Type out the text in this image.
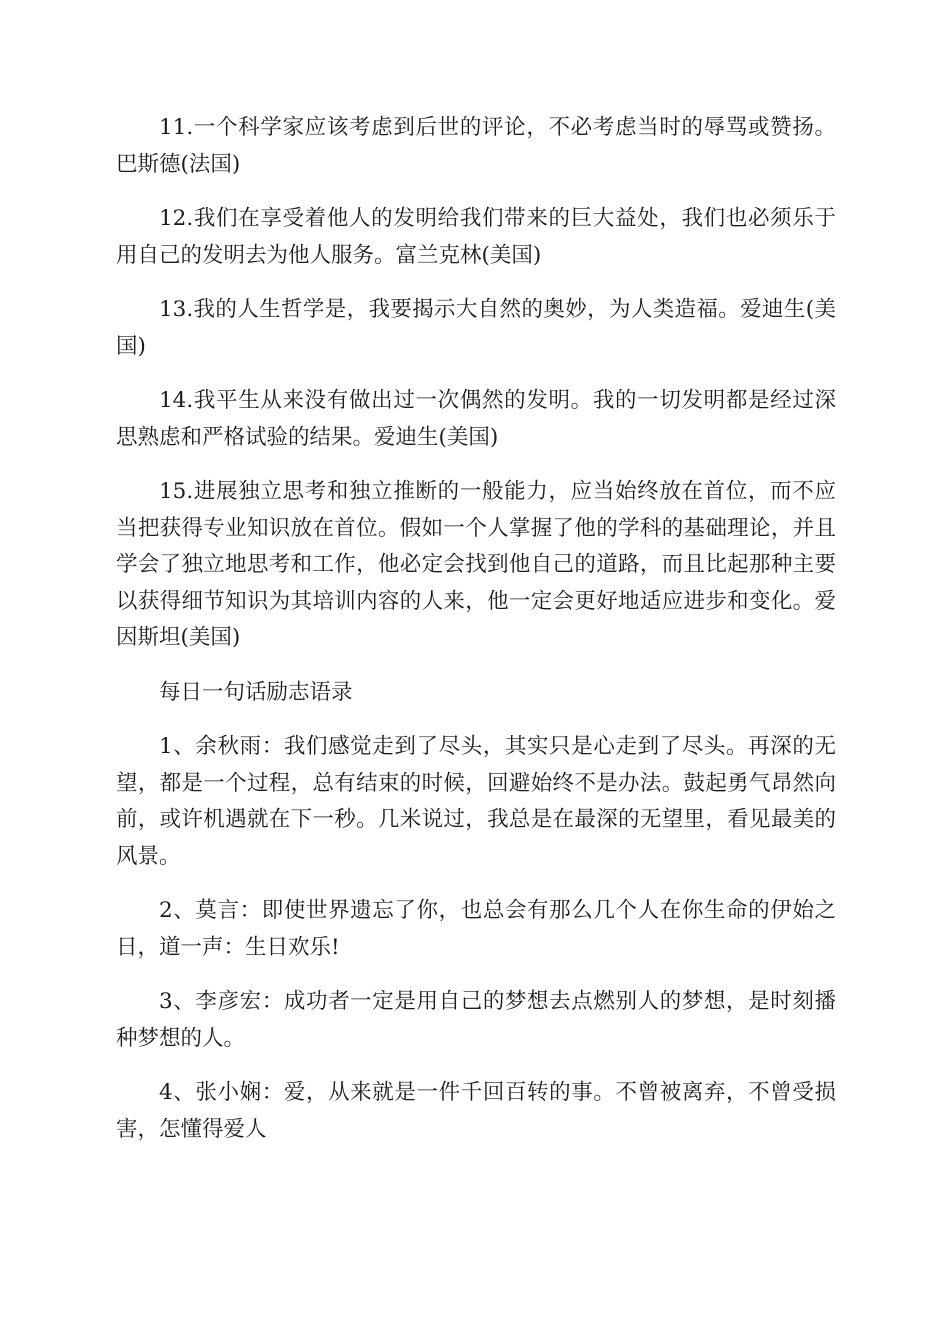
11.一个科学家应该考虑到后世的评论，不必考虑当时的辱骂或赞扬。巴斯德(法国)

12.我们在享受着他人的发明给我们带来的巨大益处，我们也必须乐于用自己的发明去为他人服务。富兰克林(美国)

13.我的人生哲学是，我要揭示大自然的奥妙，为人类造福。爱迪生(美国)

14.我平生从来没有做出过一次偶然的发明。我的一切发明都是经过深思熟虑和严格试验的结果。爱迪生(美国)

15.进展独立思考和独立推断的一般能力，应当始终放在首位，而不应当把获得专业知识放在首位。假如一个人掌握了他的学科的基础理论，并且学会了独立地思考和工作，他必定会找到他自己的道路，而且比起那种主要以获得细节知识为其培训内容的人来，他一定会更好地适应进步和变化。爱因斯坦(美国)

每日一句话励志语录

1、余秋雨：我们感觉走到了尽头，其实只是心走到了尽头。再深的无望，都是一个过程，总有结束的时候，回避始终不是办法。鼓起勇气昂然向前，或许机遇就在下一秒。几米说过，我总是在最深的无望里，看见最美的风景。

2、莫言：即使世界遗忘了你，也总会有那么几个人在你生命的伊始之日，道一声：生日欢乐!

3、李彦宏：成功者一定是用自己的梦想去点燃别人的梦想，是时刻播种梦想的人。

4、张小娴：爱，从来就是一件千回百转的事。不曾被离弃，不曾受损害，怎懂得爱人
